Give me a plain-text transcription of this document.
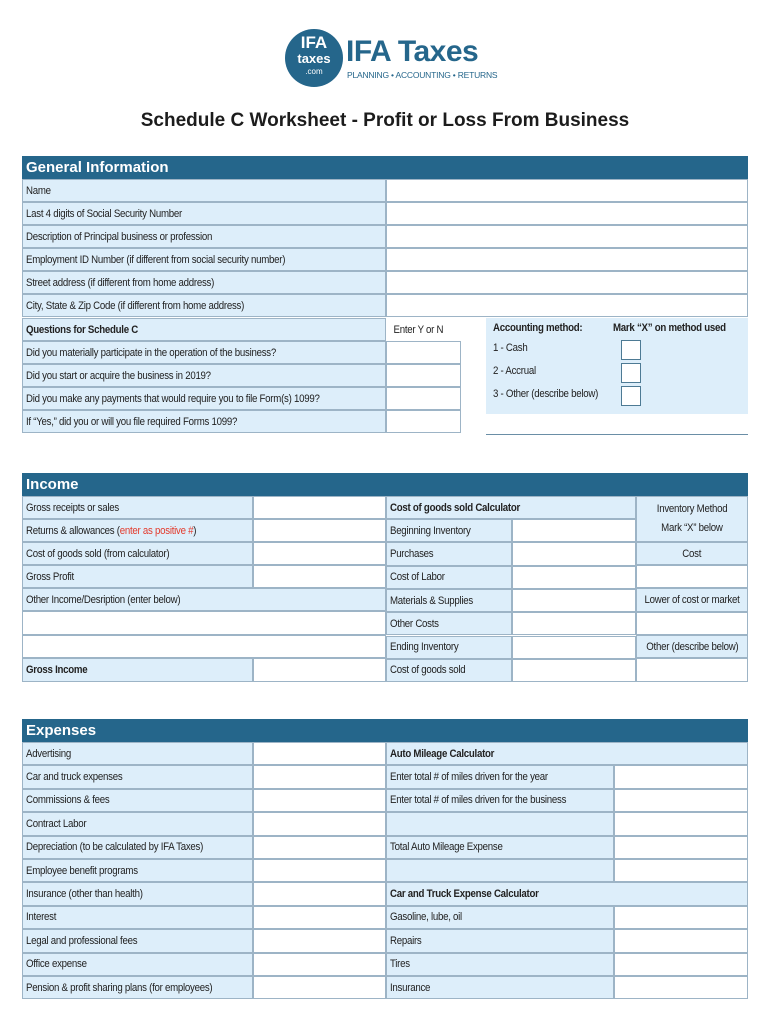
IFA
taxes
.com
IFA Taxes
PLANNING • ACCOUNTING • RETURNS
Schedule C Worksheet - Profit or Loss From Business
General Information
Name
Last 4 digits of Social Security Number
Description of Principal business or profession
Employment ID Number (if different from social security number)
Street address (if different from home address)
City, State & Zip Code (if different from home address)
Questions for Schedule C	Enter Y or N
Did you materially participate in the operation of the business?
Did you start or acquire the business in 2019?
Did you make any payments that would require you to file Form(s) 1099?
If “Yes,” did you or will you file required Forms 1099?
Accounting method:	Mark “X” on method used
1 - Cash
2 - Accrual
3 - Other (describe below)
Income
Gross receipts or sales
Returns & allowances (enter as positive #)
Cost of goods sold (from calculator)
Gross Profit
Other Income/Desription (enter below)
Gross Income
Cost of goods sold Calculator
Beginning Inventory
Purchases
Cost of Labor
Materials & Supplies
Other Costs
Ending Inventory
Cost of goods sold
Inventory Method
Mark “X” below
Cost
Lower of cost or market
Other (describe below)
Expenses
Advertising
Car and truck expenses
Commissions & fees
Contract Labor
Depreciation (to be calculated by IFA Taxes)
Employee benefit programs
Insurance (other than health)
Interest
Legal and professional fees
Office expense
Pension & profit sharing plans (for employees)
Auto Mileage Calculator
Enter total # of miles driven for the year
Enter total # of miles driven for the business
Total Auto Mileage Expense
Car and Truck Expense Calculator
Gasoline, lube, oil
Repairs
Tires
Insurance
